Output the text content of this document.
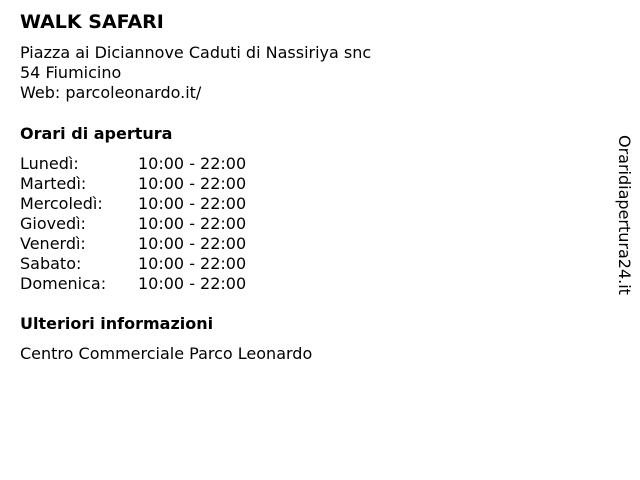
WALK SAFARI
Piazza ai Diciannove Caduti di Nassiriya snc
54 Fiumicino
Web: parcoleonardo.it/
Orari di apertura
Lunedì:	10:00 - 22:00
Martedì:	10:00 - 22:00
Mercoledì:	10:00 - 22:00
Giovedì:	10:00 - 22:00
Venerdì:	10:00 - 22:00
Sabato:	10:00 - 22:00
Domenica:	10:00 - 22:00
Ulteriori informazioni
Centro Commerciale Parco Leonardo
Oraridiapertura24.it
